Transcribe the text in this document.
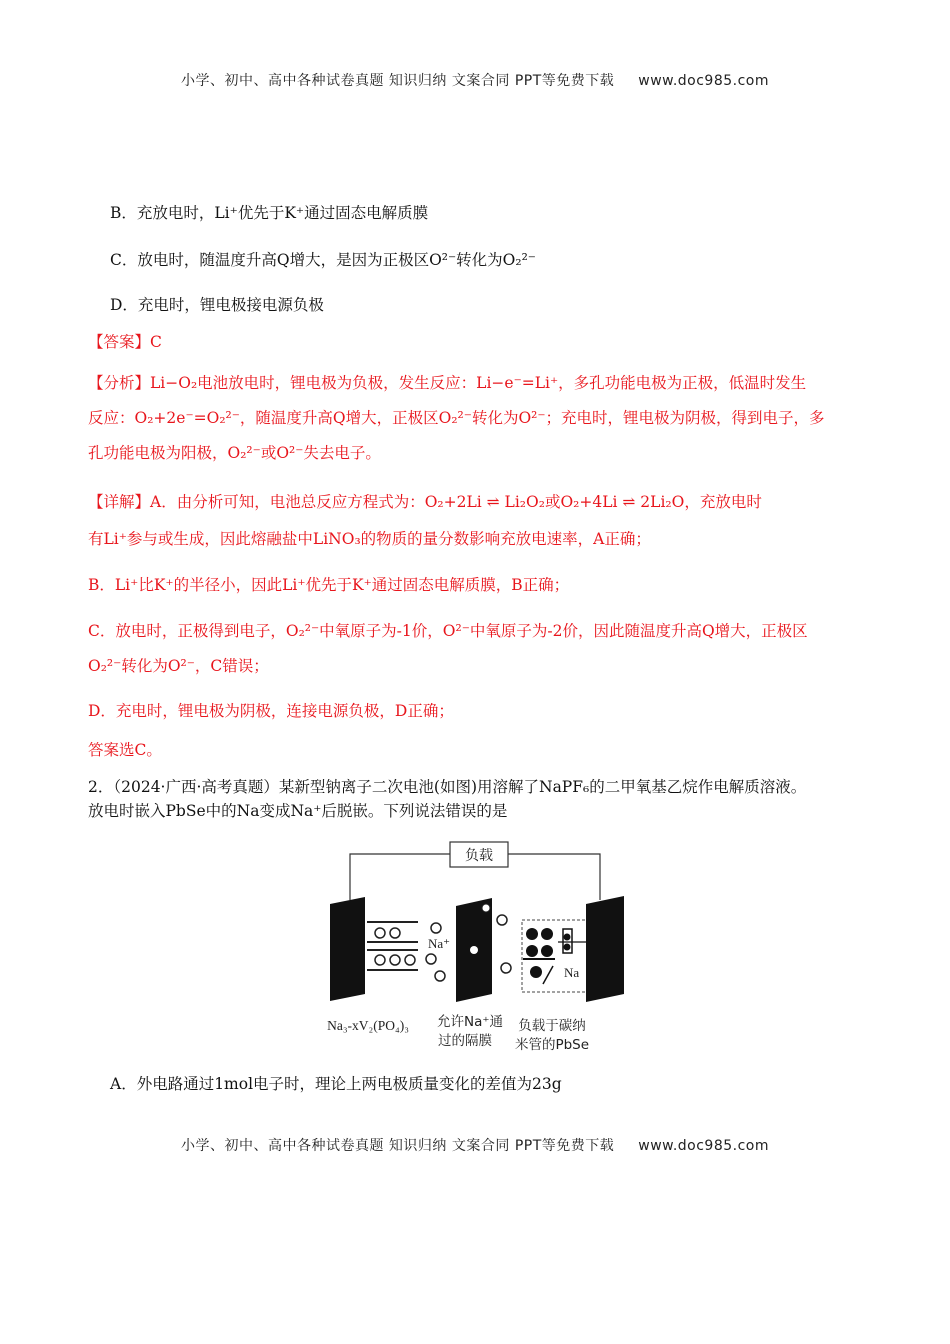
小学、初中、高中各种试卷真题 知识归纳 文案合同 PPT等免费下载 www.doc985.com
B．充放电时，Li⁺优先于K⁺通过固态电解质膜
C．放电时，随温度升高Q增大，是因为正极区O²⁻转化为O₂²⁻
D．充电时，锂电极接电源负极
【答案】C
【分析】Li−O₂电池放电时，锂电极为负极，发生反应：Li−e⁻=Li⁺，多孔功能电极为正极，低温时发生
反应：O₂+2e⁻=O₂²⁻，随温度升高Q增大，正极区O₂²⁻转化为O²⁻；充电时，锂电极为阴极，得到电子，多
孔功能电极为阳极，O₂²⁻或O²⁻失去电子。
【详解】A．由分析可知，电池总反应方程式为：O₂+2Li ⇌ Li₂O₂或O₂+4Li ⇌ 2Li₂O，充放电时
有Li⁺参与或生成，因此熔融盐中LiNO₃的物质的量分数影响充放电速率，A正确；
B．Li⁺比K⁺的半径小，因此Li⁺优先于K⁺通过固态电解质膜，B正确；
C．放电时，正极得到电子，O₂²⁻中氧原子为-1价，O²⁻中氧原子为-2价，因此随温度升高Q增大，正极区
O₂²⁻转化为O²⁻，C错误；
D．充电时，锂电极为阴极，连接电源负极，D正确；
答案选C。
2．（2024·广西·高考真题）某新型钠离子二次电池(如图)用溶解了NaPF₆的二甲氧基乙烷作电解质溶液。
放电时嵌入PbSe中的Na变成Na⁺后脱嵌。下列说法错误的是
负载
Na⁺
Na
Na₃-xV₂(PO₄)₃ 允许Na⁺通
过的隔膜
负载于碳纳
米管的PbSe
A．外电路通过1mol电子时，理论上两电极质量变化的差值为23g
小学、初中、高中各种试卷真题 知识归纳 文案合同 PPT等免费下载 www.doc985.com
